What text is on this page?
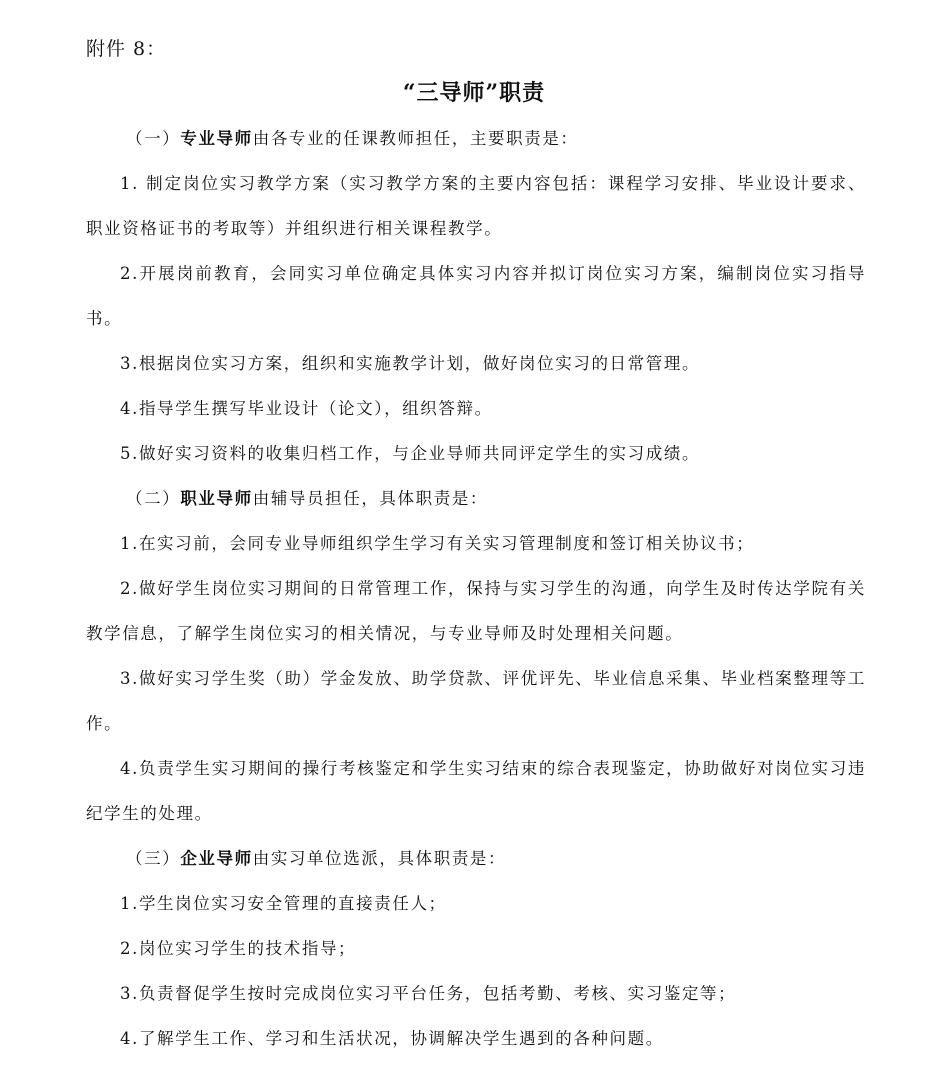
附件 8：
“三导师”职责

（一）专业导师由各专业的任课教师担任，主要职责是：

1. 制定岗位实习教学方案（实习教学方案的主要内容包括：课程学习安排、毕业设计要求、职业资格证书的考取等）并组织进行相关课程教学。

2.开展岗前教育，会同实习单位确定具体实习内容并拟订岗位实习方案，编制岗位实习指导书。

3.根据岗位实习方案，组织和实施教学计划，做好岗位实习的日常管理。

4.指导学生撰写毕业设计（论文），组织答辩。

5.做好实习资料的收集归档工作，与企业导师共同评定学生的实习成绩。

（二）职业导师由辅导员担任，具体职责是：

1.在实习前，会同专业导师组织学生学习有关实习管理制度和签订相关协议书；

2.做好学生岗位实习期间的日常管理工作，保持与实习学生的沟通，向学生及时传达学院有关教学信息，了解学生岗位实习的相关情况，与专业导师及时处理相关问题。

3.做好实习学生奖（助）学金发放、助学贷款、评优评先、毕业信息采集、毕业档案整理等工作。

4.负责学生实习期间的操行考核鉴定和学生实习结束的综合表现鉴定，协助做好对岗位实习违纪学生的处理。

（三）企业导师由实习单位选派，具体职责是：

1.学生岗位实习安全管理的直接责任人；

2.岗位实习学生的技术指导；

3.负责督促学生按时完成岗位实习平台任务，包括考勤、考核、实习鉴定等；

4.了解学生工作、学习和生活状况，协调解决学生遇到的各种问题。
